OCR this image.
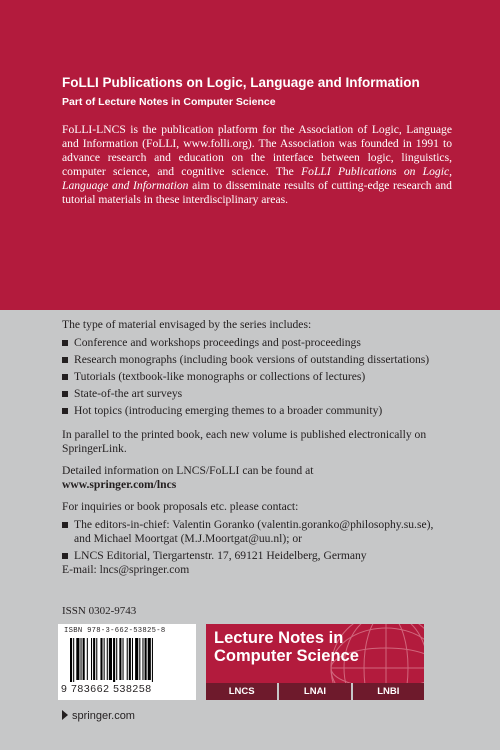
FoLLI Publications on Logic, Language and Information

Part of Lecture Notes in Computer Science

FoLLI-LNCS is the publication platform for the Association of Logic, Language and Information (FoLLI, www.folli.org). The Association was founded in 1991 to advance research and education on the interface between logic, linguistics, computer science, and cognitive science. The FoLLI Publications on Logic, Language and Information aim to disseminate results of cutting-edge research and tutorial materials in these interdisciplinary areas.

The type of material envisaged by the series includes:

Conference and workshops proceedings and post-proceedings
Research monographs (including book versions of outstanding dissertations)
Tutorials (textbook-like monographs or collections of lectures)
State-of-the art surveys
Hot topics (introducing emerging themes to a broader community)

In parallel to the printed book, each new volume is published electronically on SpringerLink.

Detailed information on LNCS/FoLLI can be found at

www.springer.com/lncs

For inquiries or book proposals etc. please contact:

The editors-in-chief: Valentin Goranko (valentin.goranko@philosophy.su.se),
and Michael Moortgat (M.J.Moortgat@uu.nl); or
LNCS Editorial, Tiergartenstr. 17, 69121 Heidelberg, Germany

E-mail: lncs@springer.com

ISSN 0302-9743
ISBN 978-3-662-53825-8
9 783662 538258
Lecture Notes in
Computer Science
LNCS	LNAI	LNBI
springer.com
